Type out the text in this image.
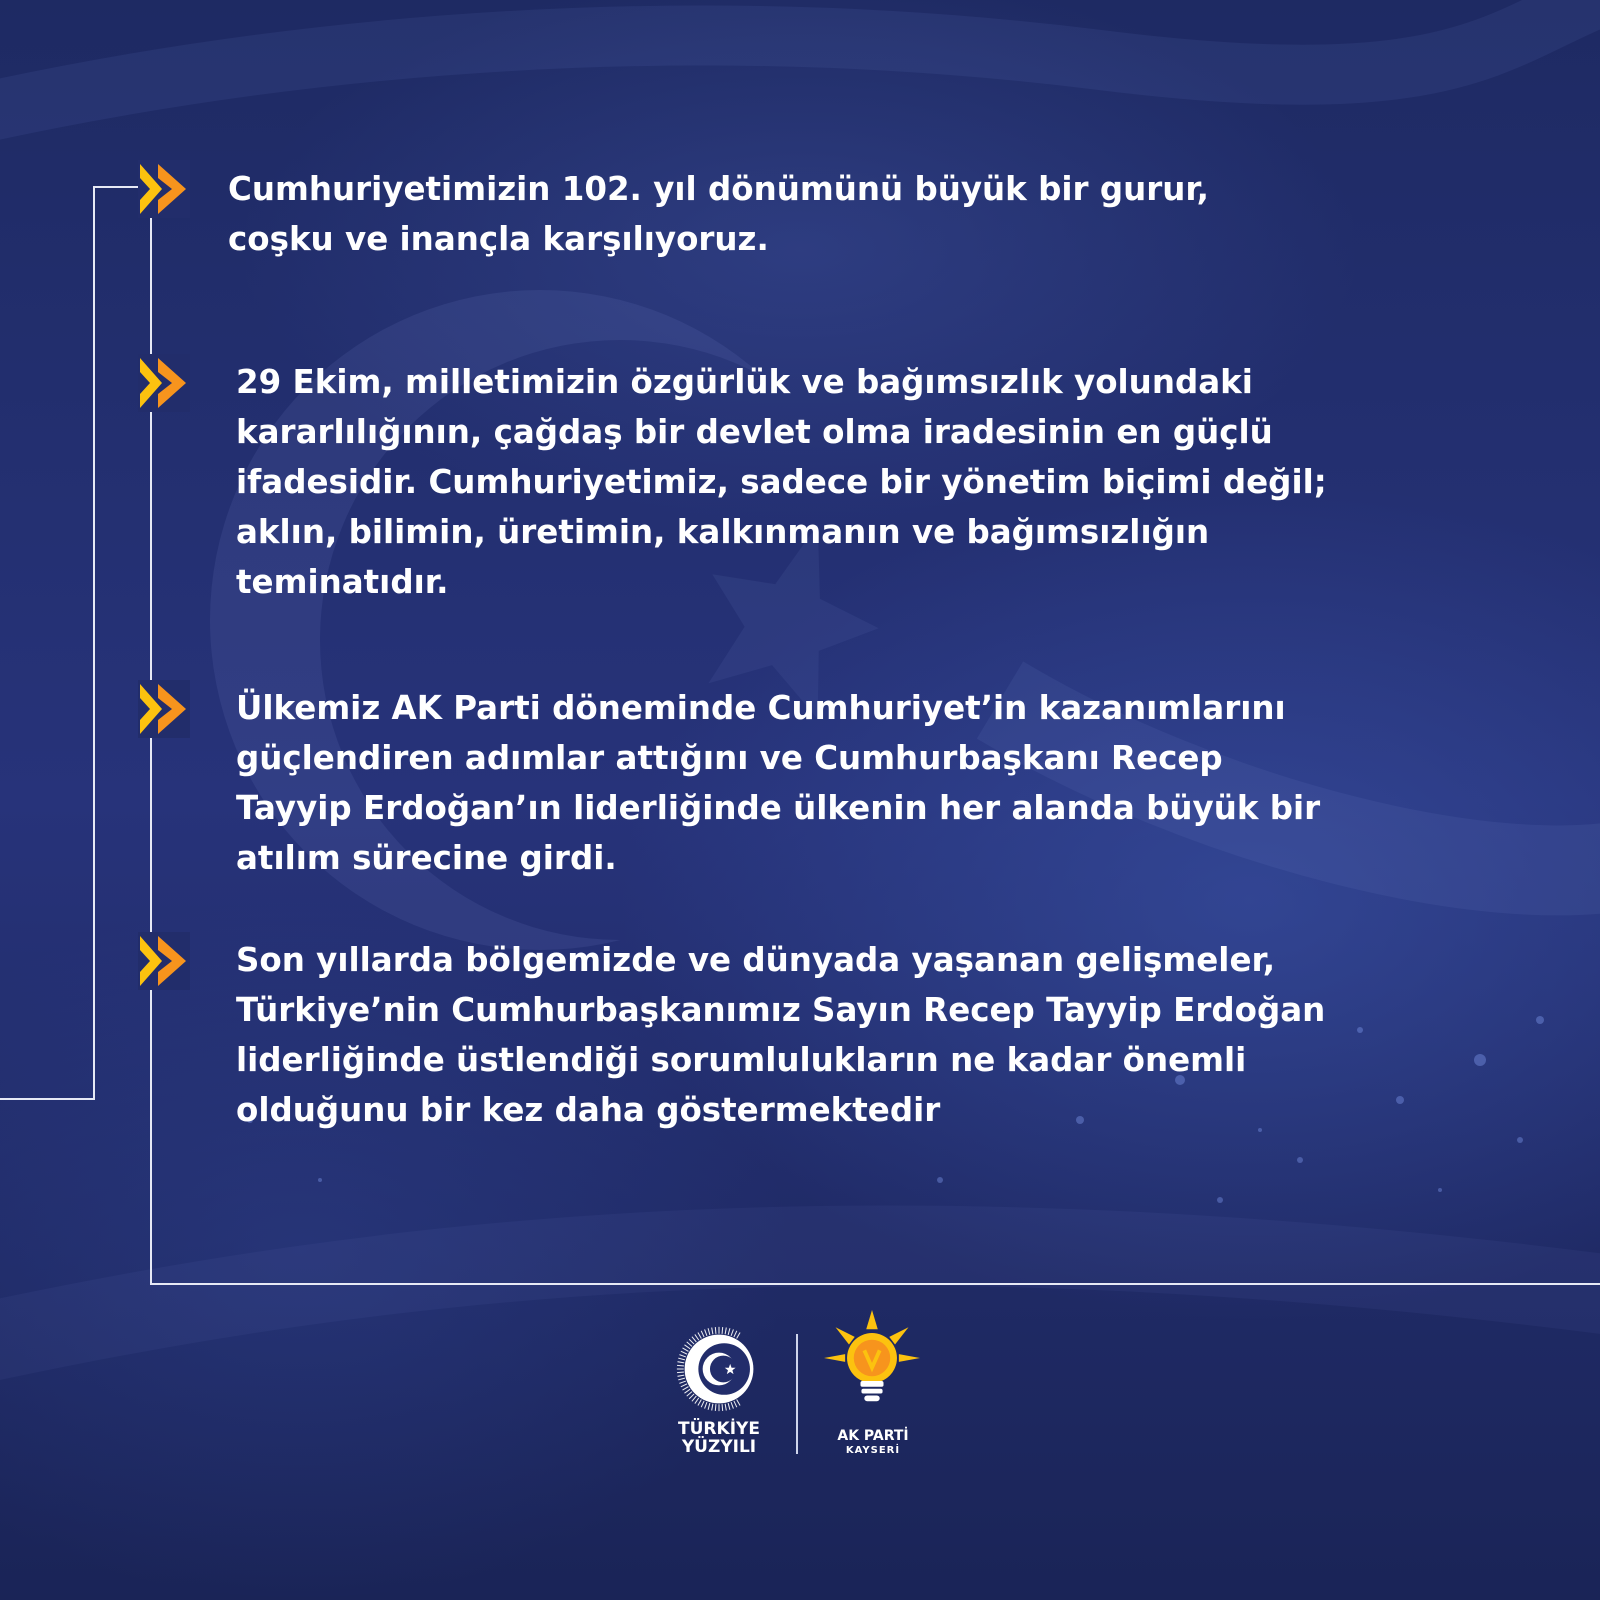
Cumhuriyetimizin 102. yıl dönümünü büyük bir gurur,
coşku ve inançla karşılıyoruz.
29 Ekim, milletimizin özgürlük ve bağımsızlık yolundaki
kararlılığının, çağdaş bir devlet olma iradesinin en güçlü
ifadesidir. Cumhuriyetimiz, sadece bir yönetim biçimi değil;
aklın, bilimin, üretimin, kalkınmanın ve bağımsızlığın
teminatıdır.
Ülkemiz AK Parti döneminde Cumhuriyet’in kazanımlarını
güçlendiren adımlar attığını ve Cumhurbaşkanı Recep
Tayyip Erdoğan’ın liderliğinde ülkenin her alanda büyük bir
atılım sürecine girdi.
Son yıllarda bölgemizde ve dünyada yaşanan gelişmeler,
Türkiye’nin Cumhurbaşkanımız Sayın Recep Tayyip Erdoğan
liderliğinde üstlendiği sorumlulukların ne kadar önemli
olduğunu bir kez daha göstermektedir

TÜRKİYE

YÜZYILI

AK PARTİ

KAYSERİ
